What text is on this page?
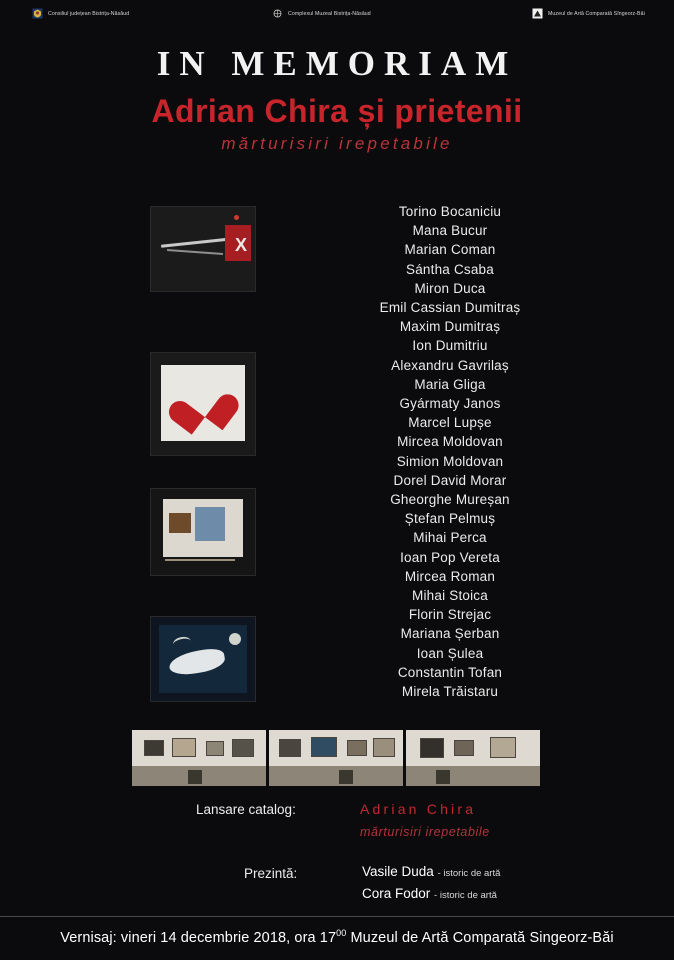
Consiliul județean Bistrița-Năsăud	Complexul Muzeal Bistrița-Năsăud	Muzeul de Artă Comparată Sîngeorz-Băi
IN MEMORIAM
Adrian Chira și prietenii
mărturisiri irepetabile
X
Torino Bocaniciu
Mana Bucur
Marian Coman
Sántha Csaba
Miron Duca
Emil Cassian Dumitraș
Maxim Dumitraș
Ion Dumitriu
Alexandru Gavrilaș
Maria Gliga
Gyármaty Janos
Marcel Lupșe
Mircea Moldovan
Simion Moldovan
Dorel David Morar
Gheorghe Mureșan
Ștefan Pelmuș
Mihai Perca
Ioan Pop Vereta
Mircea Roman
Mihai Stoica
Florin Strejac
Mariana Șerban
Ioan Șulea
Constantin Tofan
Mirela Trăistaru
Lansare catalog:	Adrian Chira
mărturisiri irepetabile
Prezintă:	Vasile Duda - istoric de artă
Cora Fodor - istoric de artă
Vernisaj: vineri 14 decembrie 2018, ora $17^{00}$ Muzeul de Artă Comparată Singeorz-Băi
